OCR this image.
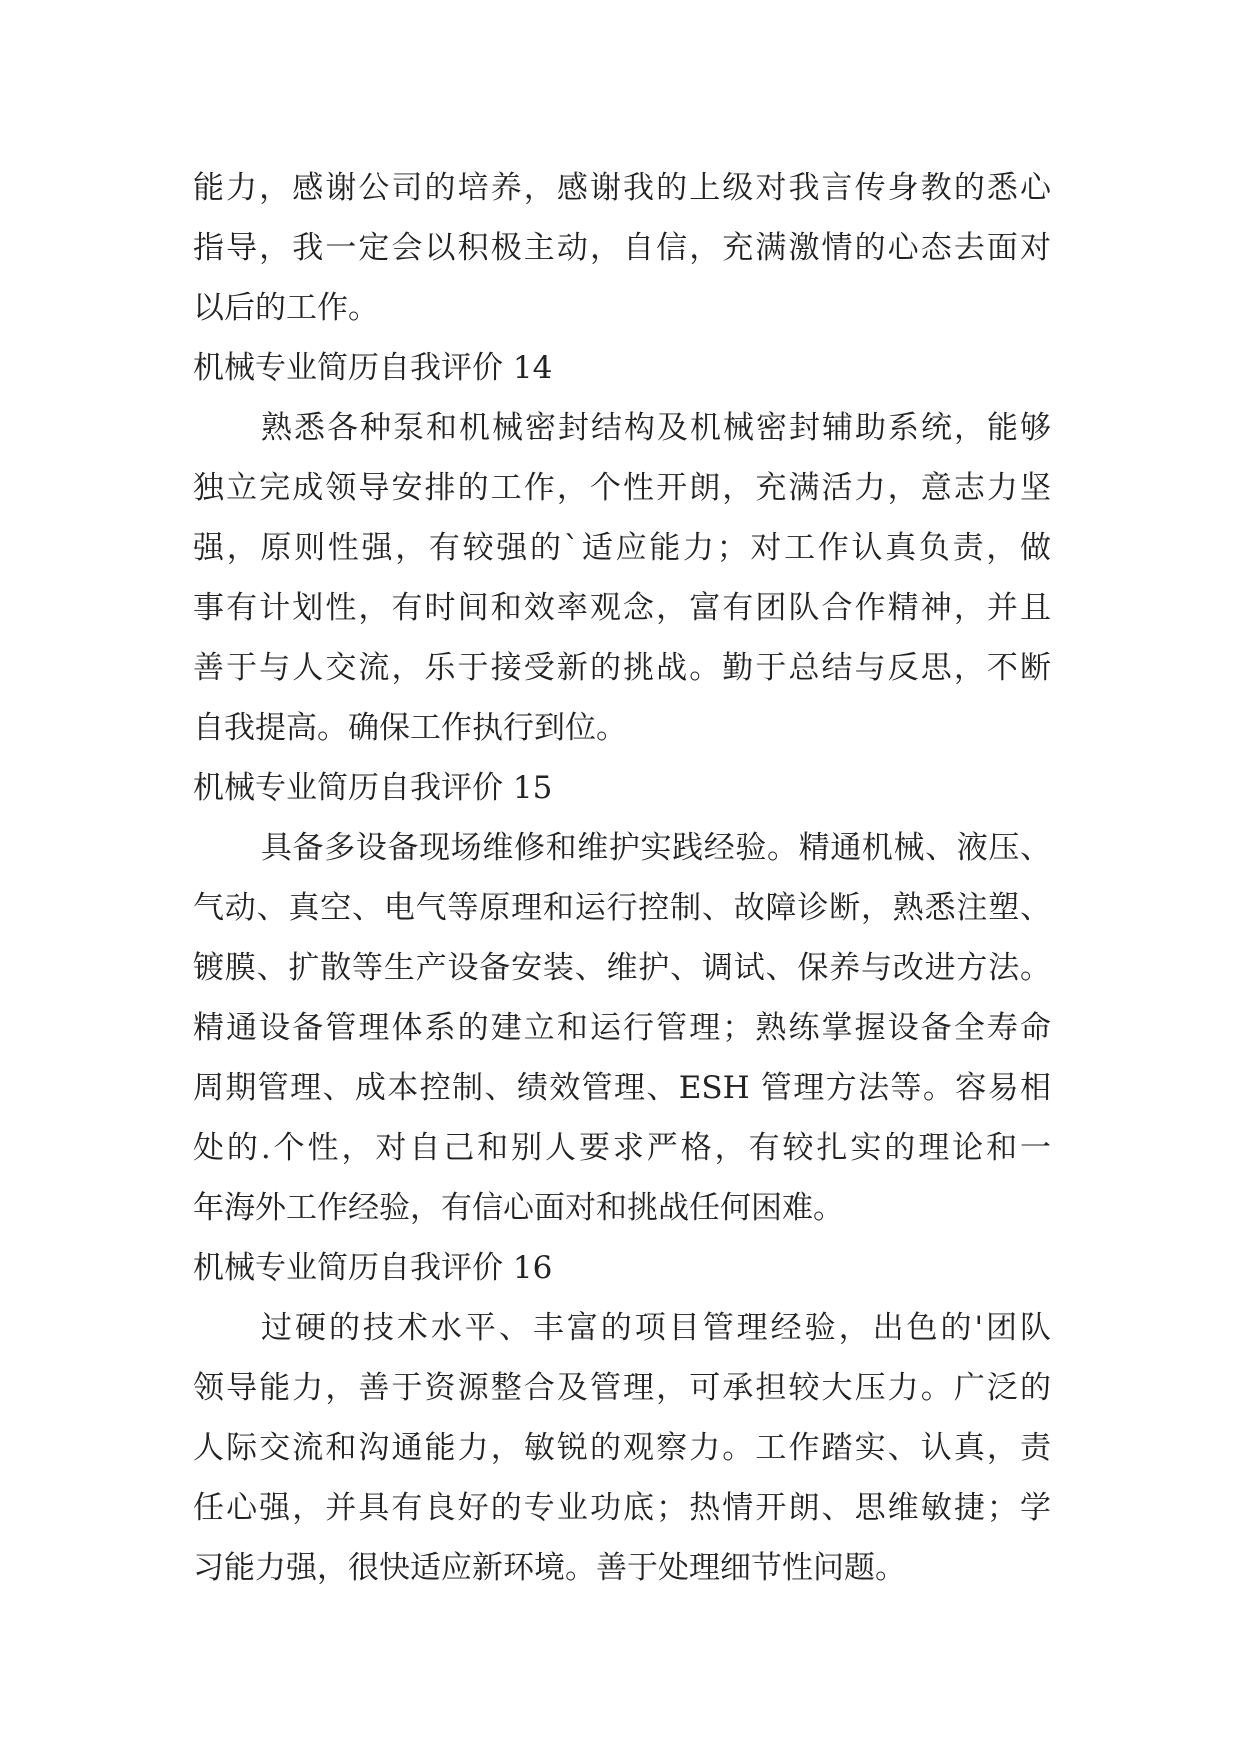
能力，感谢公司的培养，感谢我的上级对我言传身教的悉心
指导，我一定会以积极主动，自信，充满激情的心态去面对
以后的工作。
机械专业简历自我评价 14
熟悉各种泵和机械密封结构及机械密封辅助系统，能够
独立完成领导安排的工作，个性开朗，充满活力，意志力坚
强，原则性强，有较强的`适应能力；对工作认真负责，做
事有计划性，有时间和效率观念，富有团队合作精神，并且
善于与人交流，乐于接受新的挑战。勤于总结与反思，不断
自我提高。确保工作执行到位。
机械专业简历自我评价 15
具备多设备现场维修和维护实践经验。精通机械、液压、
气动、真空、电气等原理和运行控制、故障诊断，熟悉注塑、
镀膜、扩散等生产设备安装、维护、调试、保养与改进方法。
精通设备管理体系的建立和运行管理；熟练掌握设备全寿命
周期管理、成本控制、绩效管理、ESH 管理方法等。容易相
处的.个性，对自己和别人要求严格，有较扎实的理论和一
年海外工作经验，有信心面对和挑战任何困难。
机械专业简历自我评价 16
过硬的技术水平、丰富的项目管理经验，出色的'团队
领导能力，善于资源整合及管理，可承担较大压力。广泛的
人际交流和沟通能力，敏锐的观察力。工作踏实、认真，责
任心强，并具有良好的专业功底；热情开朗、思维敏捷；学
习能力强，很快适应新环境。善于处理细节性问题。
